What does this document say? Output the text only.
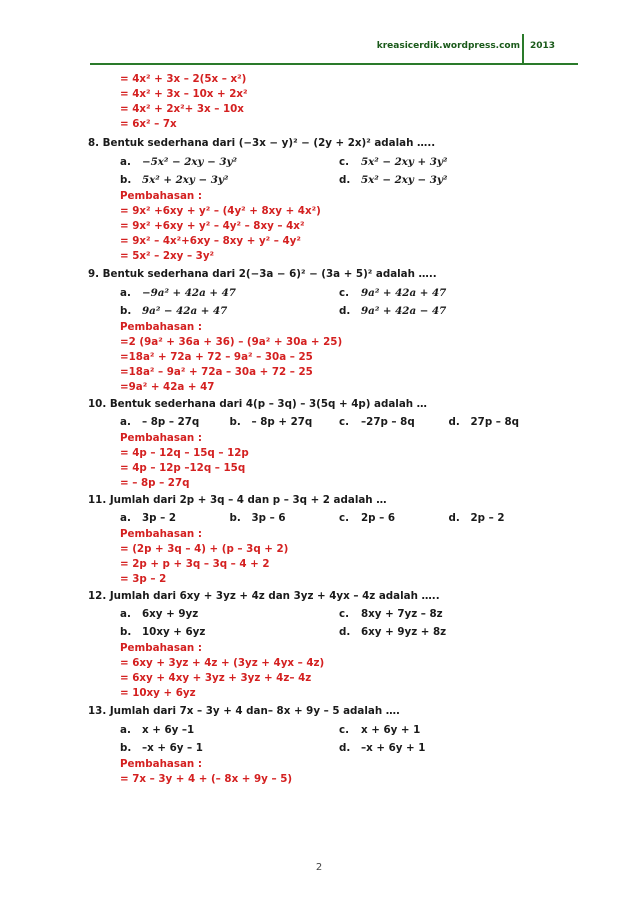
kreasicerdik.wordpress.com 2013
= 4x² + 3x – 2(5x – x²)
= 4x² + 3x – 10x + 2x²
= 4x² + 2x²+ 3x – 10x
= 6x² – 7x
8. Bentuk sederhana dari (−3x − y)² − (2y + 2x)² adalah …..
a.	−5x² − 2xy − 3y²	c.	5x² − 2xy + 3y²
b.	5x² + 2xy − 3y²	d.	5x² − 2xy − 3y²
Pembahasan :
= 9x² +6xy + y² – (4y² + 8xy + 4x²)
= 9x² +6xy + y² – 4y² – 8xy – 4x²
= 9x² – 4x²+6xy – 8xy + y² – 4y²
= 5x² – 2xy – 3y²
9. Bentuk sederhana dari 2(−3a − 6)² − (3a + 5)² adalah …..
a.	−9a² + 42a + 47	c.	9a² + 42a + 47
b.	9a² − 42a + 47	d.	9a² + 42a − 47
Pembahasan :
=2 (9a² + 36a + 36) – (9a² + 30a + 25)
=18a² + 72a + 72 – 9a² – 30a – 25
=18a² – 9a² + 72a – 30a + 72 – 25
=9a² + 42a + 47
10. Bentuk sederhana dari 4(p – 3q) – 3(5q + 4p) adalah …
a.	– 8p – 27q	b.	– 8p + 27q	c.	–27p – 8q	d.	27p – 8q
Pembahasan :
= 4p – 12q – 15q – 12p
= 4p – 12p –12q – 15q
= – 8p – 27q
11. Jumlah dari 2p + 3q – 4 dan p – 3q + 2 adalah …
a.	3p – 2	b.	3p – 6	c.	2p – 6	d.	2p – 2
Pembahasan :
= (2p + 3q – 4) + (p – 3q + 2)
= 2p + p + 3q – 3q – 4 + 2
= 3p – 2
12. Jumlah dari 6xy + 3yz + 4z dan 3yz + 4yx – 4z adalah …..
a.	6xy + 9yz	c.	8xy + 7yz – 8z
b.	10xy + 6yz	d.	6xy + 9yz + 8z
Pembahasan :
= 6xy + 3yz + 4z + (3yz + 4yx – 4z)
= 6xy + 4xy + 3yz + 3yz + 4z– 4z
= 10xy + 6yz
13. Jumlah dari 7x – 3y + 4 dan– 8x + 9y – 5 adalah ….
a.	x + 6y –1	c.	x + 6y + 1
b.	–x + 6y – 1	d.	–x + 6y + 1
Pembahasan :
= 7x – 3y + 4 + (– 8x + 9y – 5)
2
